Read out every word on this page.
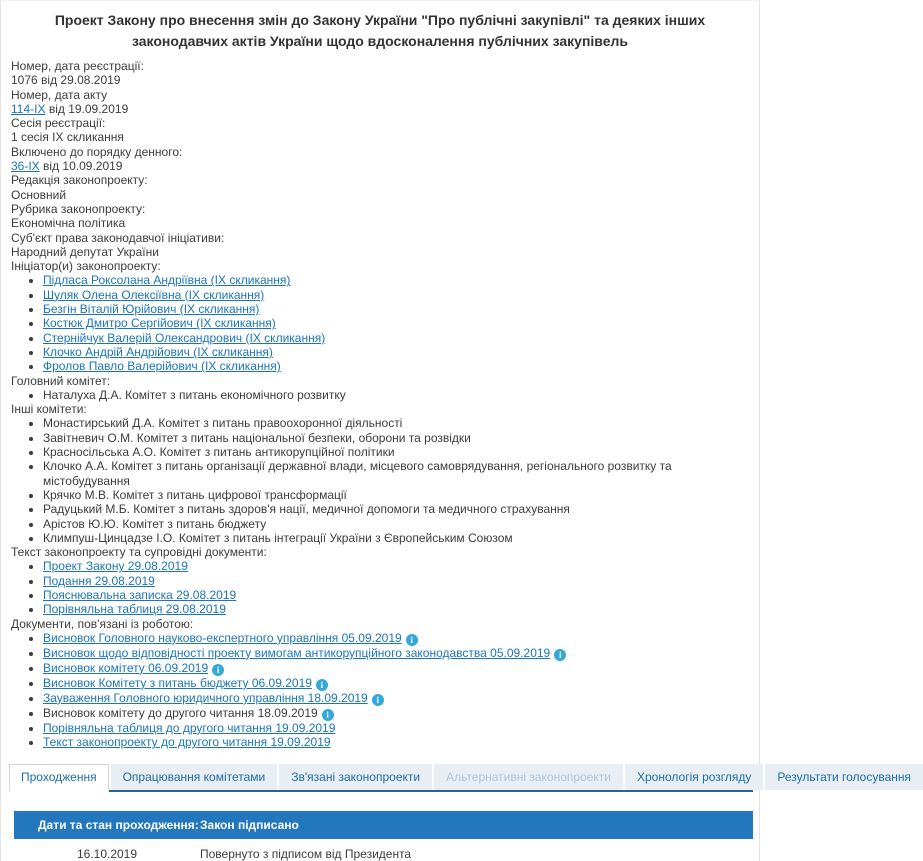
Проект Закону про внесення змін до Закону України "Про публічні закупівлі" та деяких інших законодавчих актів України щодо вдосконалення публічних закупівель

Номер, дата реєстрації:

1076 від 29.08.2019

Номер, дата акту

114-IX від 19.09.2019

Сесія реєстрації:

1 сесія IX скликання

Включено до порядку денного:

36-IX від 10.09.2019

Редакція законопроекту:

Основний

Рубрика законопроекту:

Економічна політика

Суб'єкт права законодавчої ініціативи:

Народний депутат України

Ініціатор(и) законопроекту:

• Підласа Роксолана Андріївна (IX скликання)
• Шуляк Олена Олексіївна (IX скликання)
• Безгін Віталій Юрійович (IX скликання)
• Костюк Дмитро Сергійович (IX скликання)
• Стернійчук Валерій Олександрович (IX скликання)
• Клочко Андрій Андрійович (IX скликання)
• Фролов Павло Валерійович (IX скликання)

Головний комітет:

• Наталуха Д.А. Комітет з питань економічного розвитку

Інші комітети:

• Монастирський Д.А. Комітет з питань правоохоронної діяльності
• Завітневич О.М. Комітет з питань національної безпеки, оборони та розвідки
• Красносільська А.О. Комітет з питань антикорупційної політики
• Клочко А.А. Комітет з питань організації державної влади, місцевого самоврядування, регіонального розвитку та містобудування
• Крячко М.В. Комітет з питань цифрової трансформації
• Радуцький М.Б. Комітет з питань здоров'я нації, медичної допомоги та медичного страхування
• Арістов Ю.Ю. Комітет з питань бюджету
• Климпуш-Цинцадзе І.О. Комітет з питань інтеграції України з Європейським Союзом

Текст законопроекту та супровідні документи:

• Проект Закону 29.08.2019
• Подання 29.08.2019
• Пояснювальна записка 29.08.2019
• Порівняльна таблиця 29.08.2019

Документи, пов'язані із роботою:

• Висновок Головного науково-експертного управління 05.09.2019 i
• Висновок щодо відповідності проекту вимогам антикорупційного законодавства 05.09.2019 i
• Висновок комітету 06.09.2019 i
• Висновок Комітету з питань бюджету 06.09.2019 i
• Зауваження Головного юридичного управління 18.09.2019 i
• Висновок комітету до другого читання 18.09.2019 i
• Порівняльна таблиця до другого читання 19.09.2019
• Текст законопроекту до другого читання 19.09.2019
Проходження	Опрацювання комітетами	Зв'язані законопроекти	Альтернативні законопроекти	Хронологія розгляду	Результати голосування
Дати та стан проходження: Закон підписано
16.10.2019	Повернуто з підписом від Президента
